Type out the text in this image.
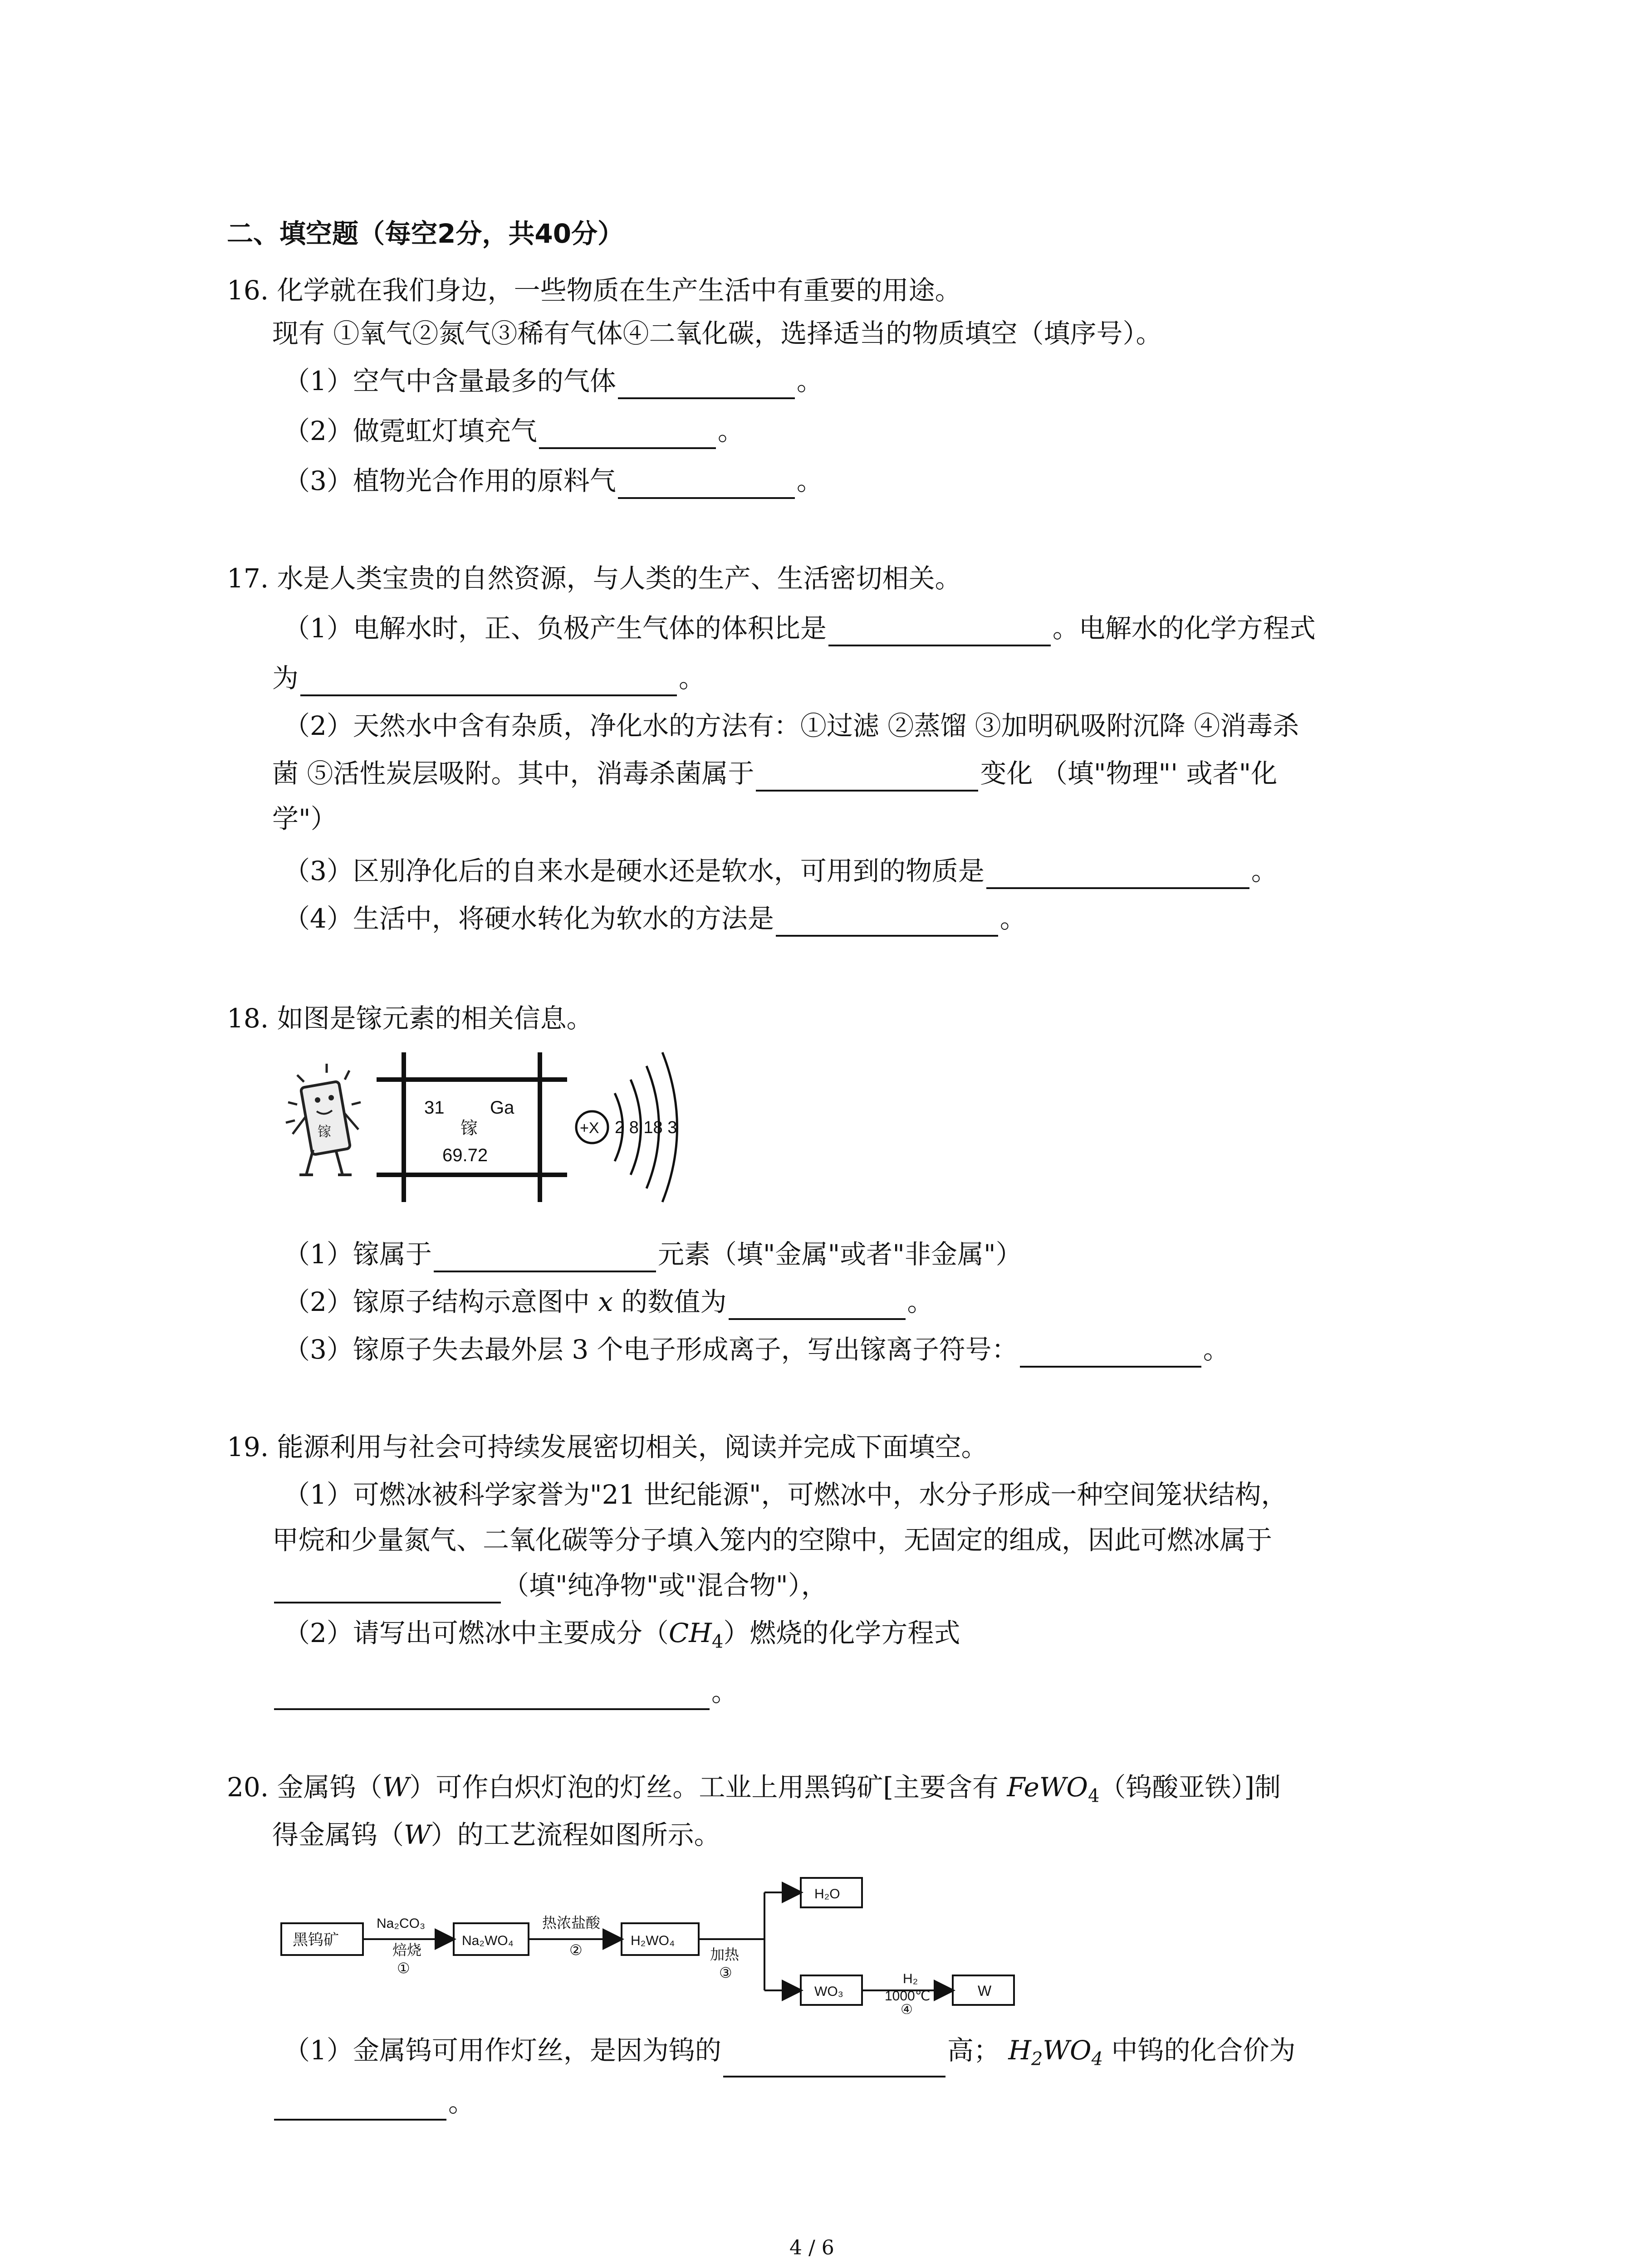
二、填空题（每空2分，共40分）
16. 化学就在我们身边，一些物质在生产生活中有重要的用途。
现有 ①氧气②氮气③稀有气体④二氧化碳，选择适当的物质填空（填序号）。
（1）空气中含量最多的气体	。
（2）做霓虹灯填充气	。
（3）植物光合作用的原料气	。
17. 水是人类宝贵的自然资源，与人类的生产、生活密切相关。
（1）电解水时，正、负极产生气体的体积比是	。电解水的化学方程式
为	。
（2）天然水中含有杂质，净化水的方法有：①过滤 ②蒸馏 ③加明矾吸附沉降 ④消毒杀
菌 ⑤活性炭层吸附。其中，消毒杀菌属于	变化 （填"物理"' 或者"化
学"）
（3）区别净化后的自来水是硬水还是软水，可用到的物质是	。
（4）生活中，将硬水转化为软水的方法是	。
18. 如图是镓元素的相关信息。
镓
31	Ga
镓
69.72
+X 2 8 18 3
（1）镓属于	元素（填"金属"或者"非金属"）
（2）镓原子结构示意图中 x 的数值为	。
（3）镓原子失去最外层 3 个电子形成离子，写出镓离子符号：	。
19. 能源利用与社会可持续发展密切相关，阅读并完成下面填空。
（1）可燃冰被科学家誉为"21 世纪能源"，可燃冰中，水分子形成一种空间笼状结构，
甲烷和少量氮气、二氧化碳等分子填入笼内的空隙中，无固定的组成，因此可燃冰属于
（填"纯净物"或"混合物"），
（2）请写出可燃冰中主要成分$(CH_4)$燃烧的化学方程式
。
20. 金属钨（W）可作白炽灯泡的灯丝。工业上用黑钨矿[主要含有 FeWO$_4$（钨酸亚铁）]制
得金属钨（W）的工艺流程如图所示。
黑钨矿
Na₂CO₃
焙烧
①
Na₂WO₄
热浓盐酸
②
H₂WO₄
加热
③
H₂O
WO₃
H₂
1000℃
④
W
（1）金属钨可用作灯丝，是因为钨的	高； $H_2WO_4$ 中钨的化合价为
。
4 / 6
